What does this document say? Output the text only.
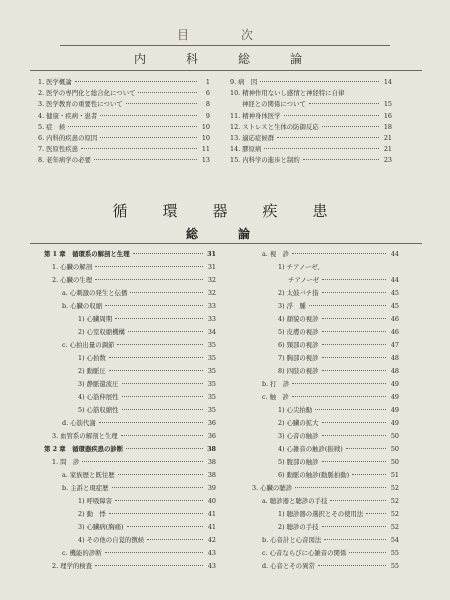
目　次
内　科　総　論
1. 医学概論	1
2. 医学の専門化と総合化について	6
3. 医学教育の重要性について	8
4. 健康・疾病・患者	9
5. 症　候	10
6. 内科的疾患の原因	10
7. 医原性疾患	11
8. 老年病学の必要	13
9. 病　因	14
10. 精神作用ないし感情と神経特に自律
神経との関係について	15
11. 精神身体医学	16
12. ストレスと生体の防御反応	18
13. 適応症候群	21
14. 膠原病	21
15. 内科学の進歩と制約	23
循　環　器　疾　患
総　論
第 1 章　循環系の解剖と生理	31
1. 心臓の解剖	31
2. 心臓の生理	32
a. 心刺激の発生と伝播	32
b. 心臓の収縮	33
1) 心臓周期	33
2) 心室収縮機構	34
c. 心拍出量の調節	35
1) 心拍数	35
2) 動脈圧	35
3) 静脈還流圧	35
4) 心筋伸展性	35
5) 心筋収縮性	35
d. 心筋代謝	36
3. 血管系の解剖と生理	36
第 2 章　循環器疾患の診断	38
1. 問　診	38
a. 家族歴と既往歴	38
b. 主訴と現症歴	39
1) 呼吸障害	40
2) 動　悸	41
3) 心臓病(胸痛)	41
4) その他の自覚的徴候	42
c. 機能的診断	43
2. 理学的検査	43
a. 視　診	44
1) チアノーゼ,
チアノーゼ	44
2) 太鼓バチ指	45
3) 浮　腫	45
4) 顔貌の視診	46
5) 皮膚の視診	46
6) 頸部の視診	47
7) 胸部の視診	48
8) 四肢の視診	48
b. 打　診	49
c. 触　診	49
1) 心尖拍動	49
2) 心臓の拡大	49
3) 心音の触診	50
4) 心雑音の触診(振戦)	50
5) 腹部の触診	50
6) 動脈の触診(動脈拍動)	51
3. 心臓の聴診	52
a. 聴診器と聴診の手技	52
1) 聴診器の選択とその使用法	52
2) 聴診の手技	52
b. 心音計と心音図法	54
c. 心音ならびに心雑音の関係	55
d. 心音とその異常	55
